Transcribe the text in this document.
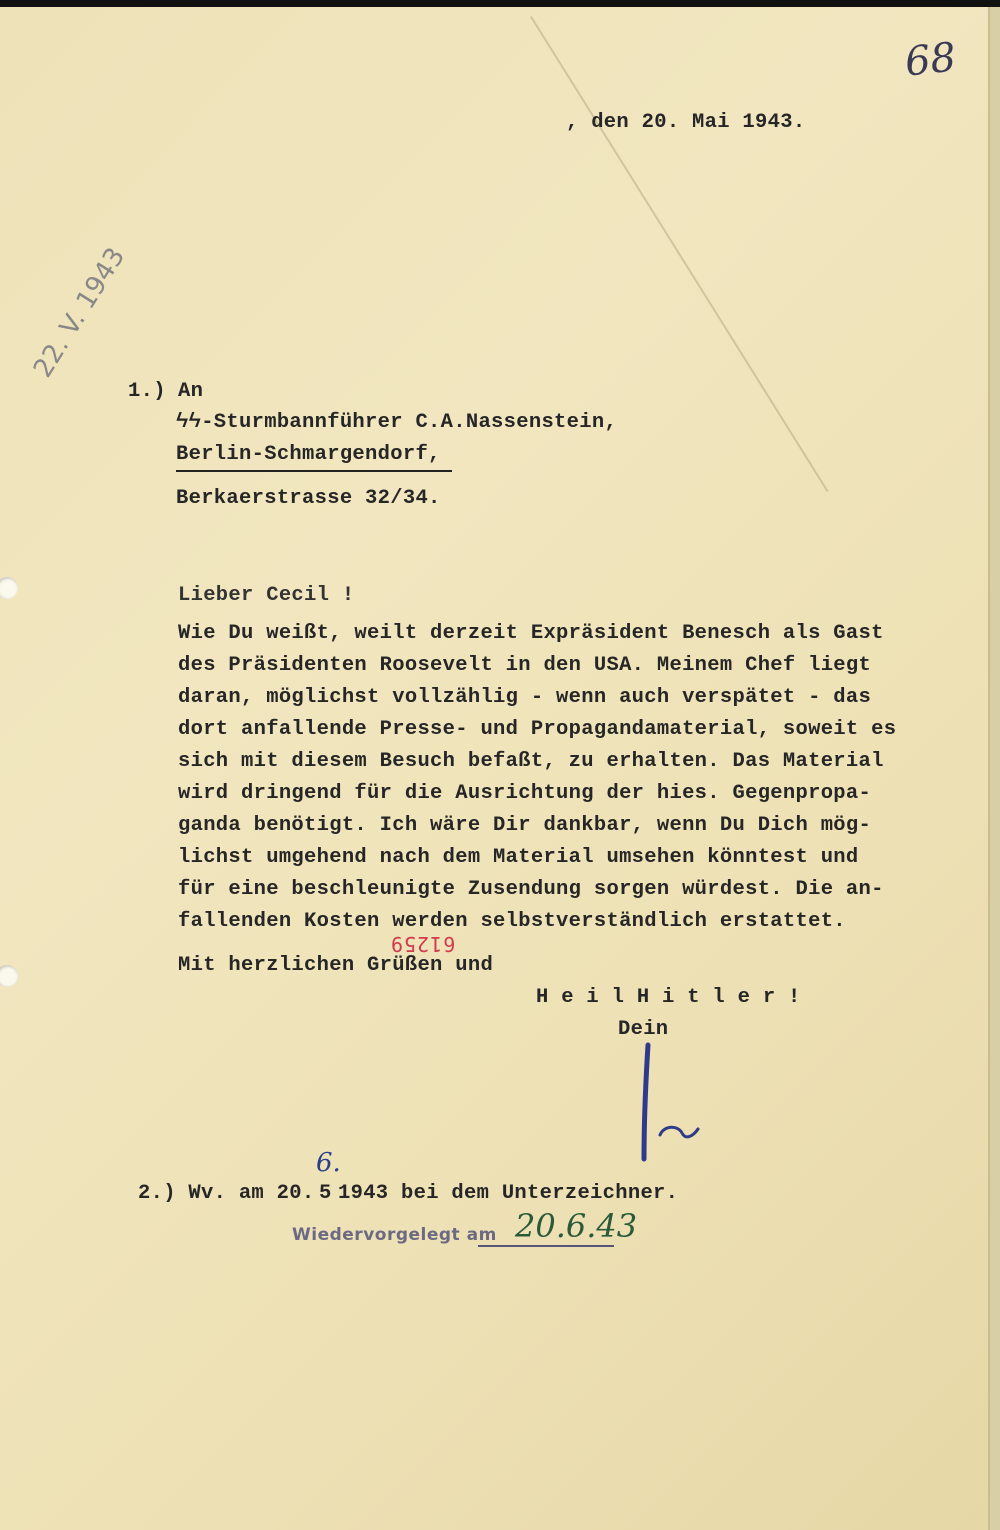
68
, den 20. Mai 1943.
22. V. 1943
1.) An
ϟϟ-Sturmbannführer C.A.Nassenstein,
Berlin-Schmargendorf,
Berkaerstrasse 32/34.
Lieber Cecil !
Wie Du weißt, weilt derzeit Expräsident Benesch als Gast
des Präsidenten Roosevelt in den USA. Meinem Chef liegt
daran, möglichst vollzählig - wenn auch verspätet - das
dort anfallende Presse- und Propagandamaterial, soweit es
sich mit diesem Besuch befaßt, zu erhalten. Das Material
wird dringend für die Ausrichtung der hies. Gegenpropa-
ganda benötigt. Ich wäre Dir dankbar, wenn Du Dich mög-
lichst umgehend nach dem Material umsehen könntest und
für eine beschleunigte Zusendung sorgen würdest. Die an-
fallenden Kosten werden selbstverständlich erstattet.
61259
Mit herzlichen Grüßen und
H e i l H i t l e r !
Dein
2.) Wv. am 20. 5
6.
1943 bei dem Unterzeichner.
Wiedervorgelegt am 20.6.43
